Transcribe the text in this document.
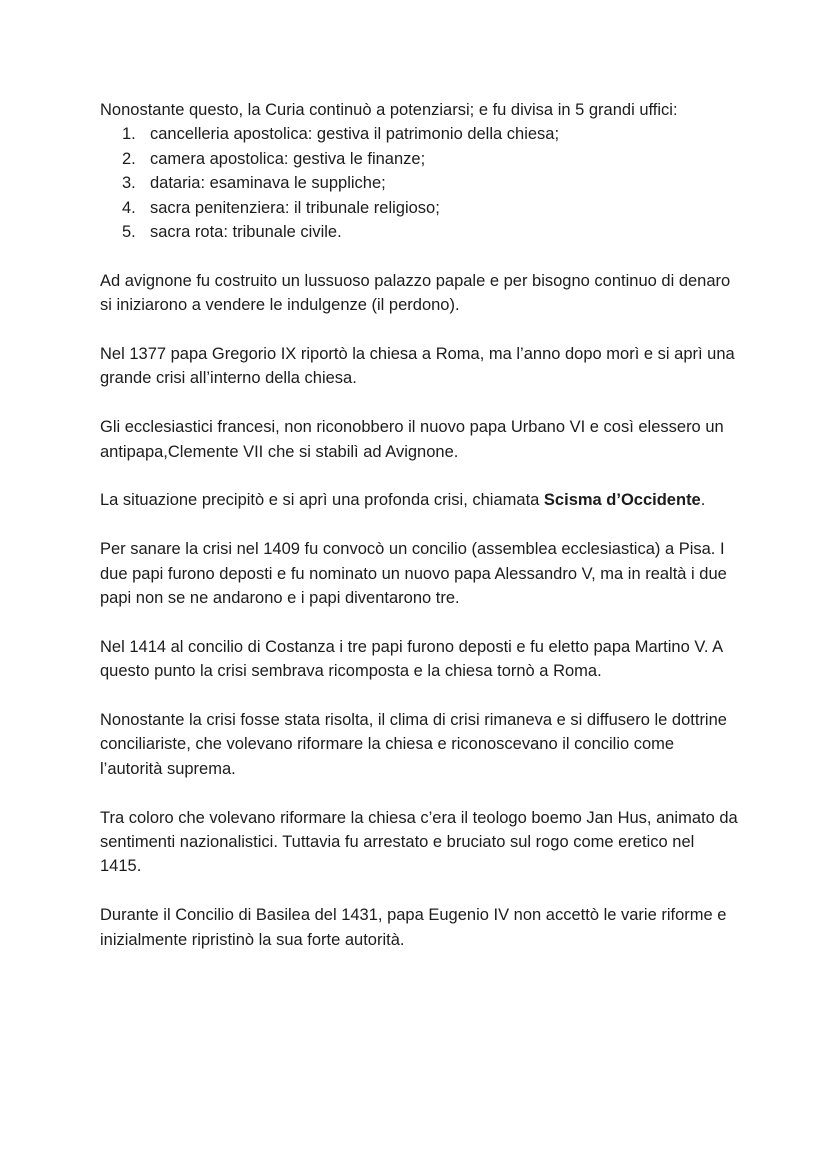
Nonostante questo, la Curia continuò a potenziarsi; e fu divisa in 5 grandi uffici:

1. cancelleria apostolica: gestiva il patrimonio della chiesa;
2. camera apostolica: gestiva le finanze;
3. dataria: esaminava le suppliche;
4. sacra penitenziera: il tribunale religioso;
5. sacra rota: tribunale civile.

Ad avignone fu costruito un lussuoso palazzo papale e per bisogno continuo di denaro si iniziarono a vendere le indulgenze (il perdono).

Nel 1377 papa Gregorio IX riportò la chiesa a Roma, ma l’anno dopo morì e si aprì una grande crisi all’interno della chiesa.

Gli ecclesiastici francesi, non riconobbero il nuovo papa Urbano VI e così elessero un antipapa,Clemente VII che si stabilì ad Avignone.

La situazione precipitò e si aprì una profonda crisi, chiamata Scisma d’Occidente.

Per sanare la crisi nel 1409 fu convocò un concilio (assemblea ecclesiastica) a Pisa. I due papi furono deposti e fu nominato un nuovo papa Alessandro V, ma in realtà i due papi non se ne andarono e i papi diventarono tre.

Nel 1414 al concilio di Costanza i tre papi furono deposti e fu eletto papa Martino V. A questo punto la crisi sembrava ricomposta e la chiesa tornò a Roma.

Nonostante la crisi fosse stata risolta, il clima di crisi rimaneva e si diffusero le dottrine conciliariste, che volevano riformare la chiesa e riconoscevano il concilio come l’autorità suprema.

Tra coloro che volevano riformare la chiesa c’era il teologo boemo Jan Hus, animato da sentimenti nazionalistici. Tuttavia fu arrestato e bruciato sul rogo come eretico nel 1415.

Durante il Concilio di Basilea del 1431, papa Eugenio IV non accettò le varie riforme e inizialmente ripristinò la sua forte autorità.
